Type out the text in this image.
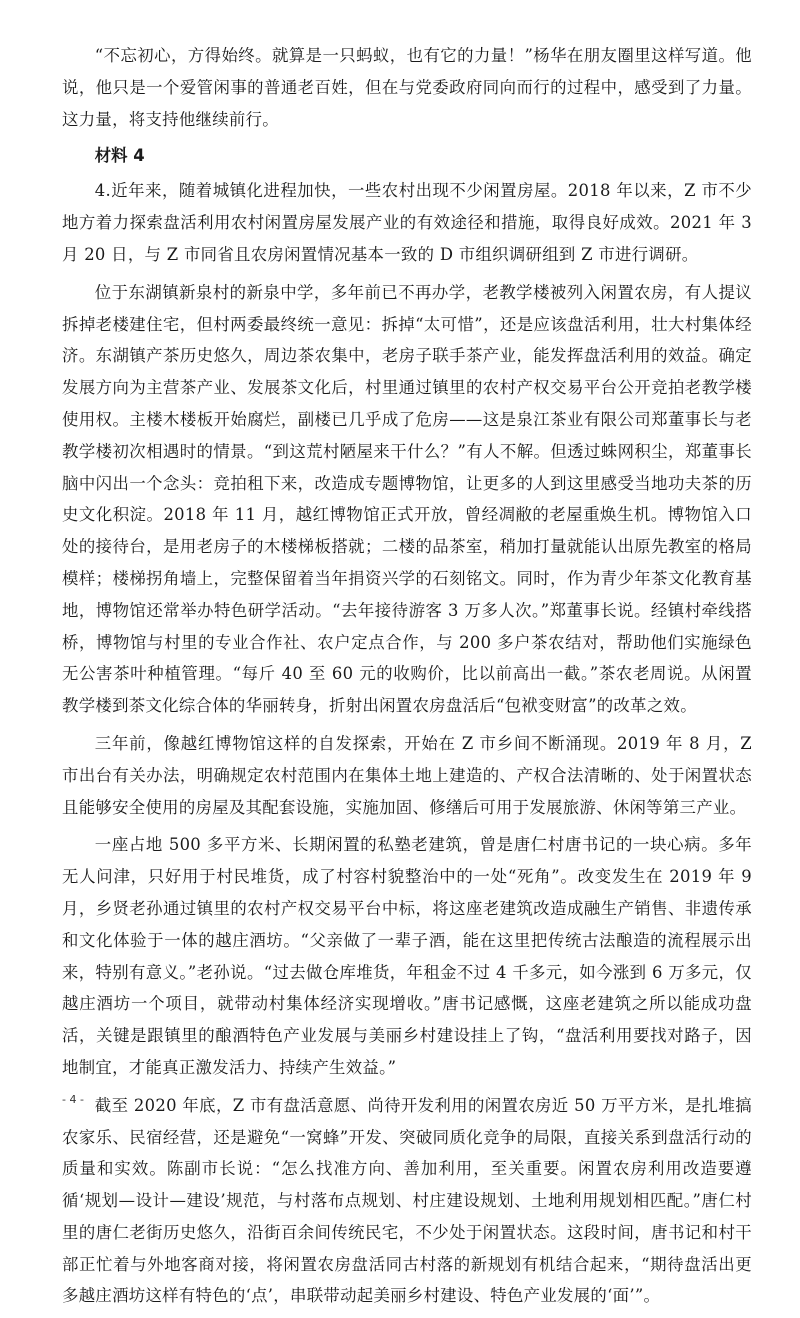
“不忘初心，方得始终。就算是一只蚂蚁，也有它的力量！”杨华在朋友圈里这样写道。他说，他只是一个爱管闲事的普通老百姓，但在与党委政府同向而行的过程中，感受到了力量。这力量，将支持他继续前行。

材料 4

4.近年来，随着城镇化进程加快，一些农村出现不少闲置房屋。2018 年以来，Z 市不少地方着力探索盘活利用农村闲置房屋发展产业的有效途径和措施，取得良好成效。2021 年 3 月 20 日，与 Z 市同省且农房闲置情况基本一致的 D 市组织调研组到 Z 市进行调研。

位于东湖镇新泉村的新泉中学，多年前已不再办学，老教学楼被列入闲置农房，有人提议拆掉老楼建住宅，但村两委最终统一意见：拆掉“太可惜”，还是应该盘活利用，壮大村集体经济。东湖镇产茶历史悠久，周边茶农集中，老房子联手茶产业，能发挥盘活利用的效益。确定发展方向为主营茶产业、发展茶文化后，村里通过镇里的农村产权交易平台公开竞拍老教学楼使用权。主楼木楼板开始腐烂，副楼已几乎成了危房——这是泉江茶业有限公司郑董事长与老教学楼初次相遇时的情景。“到这荒村陋屋来干什么？”有人不解。但透过蛛网积尘，郑董事长脑中闪出一个念头：竞拍租下来，改造成专题博物馆，让更多的人到这里感受当地功夫茶的历史文化积淀。2018 年 11 月，越红博物馆正式开放，曾经凋敝的老屋重焕生机。博物馆入口处的接待台，是用老房子的木楼梯板搭就；二楼的品茶室，稍加打量就能认出原先教室的格局模样；楼梯拐角墙上，完整保留着当年捐资兴学的石刻铭文。同时，作为青少年茶文化教育基地，博物馆还常举办特色研学活动。“去年接待游客 3 万多人次。”郑董事长说。经镇村牵线搭桥，博物馆与村里的专业合作社、农户定点合作，与 200 多户茶农结对，帮助他们实施绿色无公害茶叶种植管理。“每斤 40 至 60 元的收购价，比以前高出一截。”茶农老周说。从闲置教学楼到茶文化综合体的华丽转身，折射出闲置农房盘活后“包袱变财富”的改革之效。

三年前，像越红博物馆这样的自发探索，开始在 Z 市乡间不断涌现。2019 年 8 月，Z 市出台有关办法，明确规定农村范围内在集体土地上建造的、产权合法清晰的、处于闲置状态且能够安全使用的房屋及其配套设施，实施加固、修缮后可用于发展旅游、休闲等第三产业。

一座占地 500 多平方米、长期闲置的私塾老建筑，曾是唐仁村唐书记的一块心病。多年无人问津，只好用于村民堆货，成了村容村貌整治中的一处“死角”。改变发生在 2019 年 9 月，乡贤老孙通过镇里的农村产权交易平台中标，将这座老建筑改造成融生产销售、非遗传承和文化体验于一体的越庄酒坊。“父亲做了一辈子酒，能在这里把传统古法酿造的流程展示出来，特别有意义。”老孙说。“过去做仓库堆货，年租金不过 4 千多元，如今涨到 6 万多元，仅越庄酒坊一个项目，就带动村集体经济实现增收。”唐书记感慨，这座老建筑之所以能成功盘活，关键是跟镇里的酿酒特色产业发展与美丽乡村建设挂上了钩，“盘活利用要找对路子，因地制宜，才能真正激发活力、持续产生效益。”

截至 2020 年底，Z 市有盘活意愿、尚待开发利用的闲置农房近 50 万平方米，是扎堆搞农家乐、民宿经营，还是避免“一窝蜂”开发、突破同质化竞争的局限，直接关系到盘活行动的质量和实效。陈副市长说：“怎么找准方向、善加利用，至关重要。闲置农房利用改造要遵循‘规划—设计—建设’规范，与村落布点规划、村庄建设规划、土地利用规划相匹配。”唐仁村里的唐仁老街历史悠久，沿街百余间传统民宅，不少处于闲置状态。这段时间，唐书记和村干部正忙着与外地客商对接，将闲置农房盘活同古村落的新规划有机结合起来，“期待盘活出更多越庄酒坊这样有特色的‘点’，串联带动起美丽乡村建设、特色产业发展的‘面’”。

- 4 -
